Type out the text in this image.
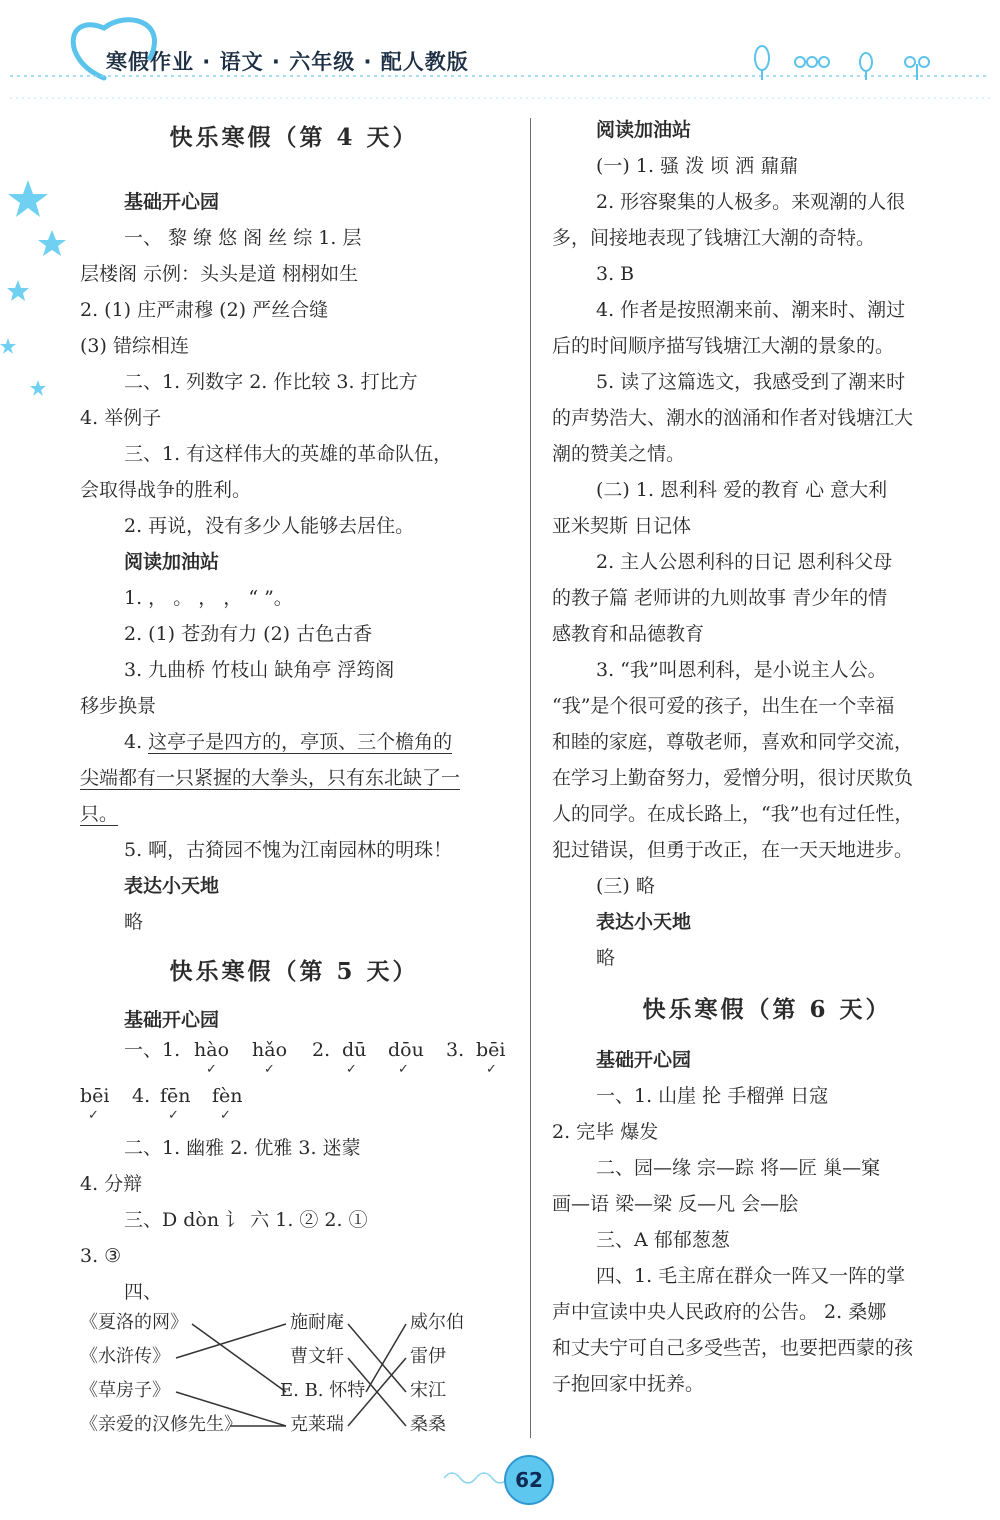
寒假作业 · 语文 · 六年级 · 配人教版
快乐寒假（第 4 天）
基础开心园
一、 黎 缭 悠 阁 丝 综 1. 层
层楼阁 示例：头头是道 栩栩如生
2. (1) 庄严肃穆 (2) 严丝合缝
(3) 错综相连
二、1. 列数字 2. 作比较 3. 打比方
4. 举例子
三、1. 有这样伟大的英雄的革命队伍，
会取得战争的胜利。
2. 再说，没有多少人能够去居住。
阅读加油站
1. ， 。 ， ， “ ”。
2. (1) 苍劲有力 (2) 古色古香
3. 九曲桥 竹枝山 缺角亭 浮筠阁
移步换景
4. 这亭子是四方的，亭顶、三个檐角的
尖端都有一只紧握的大拳头，只有东北缺了一
只。
5. 啊，古猗园不愧为江南园林的明珠！
表达小天地
略
快乐寒假（第 5 天）
基础开心园
一、1. hào
✓
hǎo
✓
2. dū
✓
dōu
✓
3. bēi
✓
bēi
✓
4. fēn
✓
fèn
✓
二、1. 幽雅 2. 优雅 3. 迷蒙
4. 分辩
三、D dòn 讠 六 1. ② 2. ①
3. ③
四、
《夏洛的网》
《水浒传》
《草房子》
《亲爱的汉修先生》
施耐庵
曹文轩
E. B. 怀特
克莱瑞
威尔伯
雷伊
宋江
桑桑
阅读加油站
(一) 1. 骚 泼 顷 洒 鼐鼐
2. 形容聚集的人极多。来观潮的人很
多，间接地表现了钱塘江大潮的奇特。
3. B
4. 作者是按照潮来前、潮来时、潮过
后的时间顺序描写钱塘江大潮的景象的。
5. 读了这篇选文，我感受到了潮来时
的声势浩大、潮水的汹涌和作者对钱塘江大
潮的赞美之情。
(二) 1. 恩利科 爱的教育 心 意大利
亚米契斯 日记体
2. 主人公恩利科的日记 恩利科父母
的教子篇 老师讲的九则故事 青少年的情
感教育和品德教育
3. “我”叫恩利科，是小说主人公。
“我”是个很可爱的孩子，出生在一个幸福
和睦的家庭，尊敬老师，喜欢和同学交流，
在学习上勤奋努力，爱憎分明，很讨厌欺负
人的同学。在成长路上，“我”也有过任性，
犯过错误，但勇于改正，在一天天地进步。
(三) 略
表达小天地
略
快乐寒假（第 6 天）
基础开心园
一、1. 山崖 抡 手榴弹 日寇
2. 完毕 爆发
二、园—缘 宗—踪 将—匠 巢—窠
画—语 梁—梁 反—凡 会—脍
三、A 郁郁葱葱
四、1. 毛主席在群众一阵又一阵的掌
声中宣读中央人民政府的公告。 2. 桑娜
和丈夫宁可自己多受些苦，也要把西蒙的孩
子抱回家中抚养。
62
